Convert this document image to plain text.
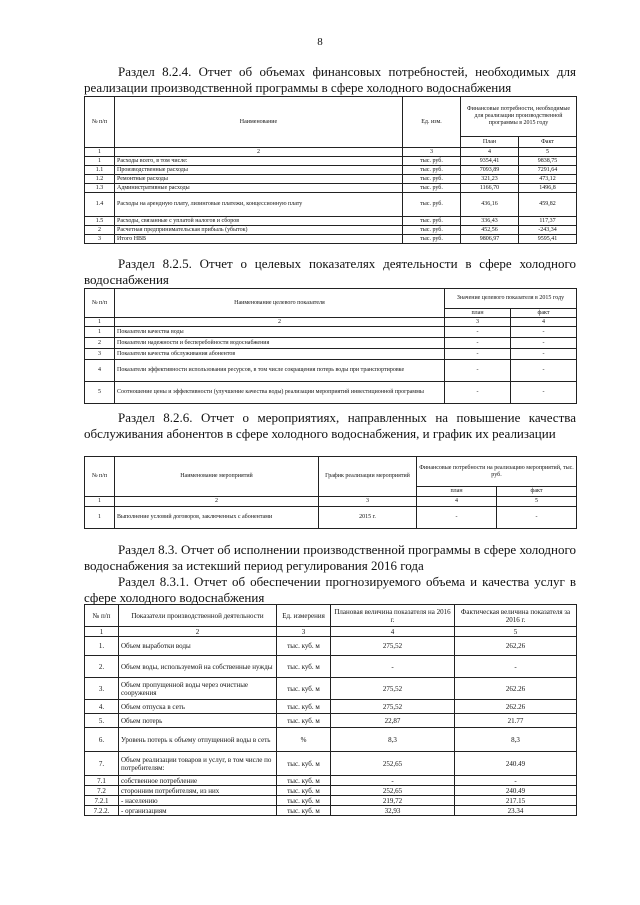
8
Раздел 8.2.4. Отчет об объемах финансовых потребностей, необходимых для реализации производственной программы в сфере холодного водоснабжения
№ п/п	Наименование	Ед. изм.	Финансовые потребности, необходимые для реализации производственной программы в 2015 году	
			План	Факт
1	2	3	4	5
1	Расходы всего, в том числе:	тыс. руб.	9354,41	9838,75
1.1	Производственные расходы	тыс. руб.	7093,89	7291,64
1.2	Ремонтные расходы	тыс. руб.	321,23	473,12
1.3	Административные расходы	тыс. руб.	1166,70	1496,8
1.4	Расходы на арендную плату, лизинговые платежи, концессионную плату	тыс. руб.	436,16	459,82
1.5	Расходы, связанные с уплатой налогов и сборов	тыс. руб.	336,43	117,37
2	Расчетная предпринимательская прибыль (убыток)	тыс. руб.	452,56	-243,34
3	Итого НВВ	тыс. руб.	9806,97	9595,41
Раздел 8.2.5. Отчет о целевых показателях деятельности в сфере холодного водоснабжения
№ п/п	Наименование целевого показателя	Значение целевого показателя в 2015 году	
		план	факт
1	2	3	4
1	Показатели качества воды	-	-
2	Показатели надежности и бесперебойности водоснабжения	-	-
3	Показатели качества обслуживания абонентов	-	-
4	Показатели эффективности использования ресурсов, в том числе сокращения потерь воды при транспортировке	-	-
5	Соотношение цены и эффективности (улучшение качества воды) реализации мероприятий инвестиционной программы	-	-
Раздел 8.2.6. Отчет о мероприятиях, направленных на повышение качества обслуживания абонентов в сфере холодного водоснабжения, и график их реализации
№ п/п	Наименование мероприятий	График реализации мероприятий	Финансовые потребности на реализацию мероприятий, тыс. руб.	
			план	факт
1	2	3	4	5
1	Выполнение условий договоров, заключенных с абонентами	2015 г.	-	-
Раздел 8.3. Отчет об исполнении производственной программы в сфере холодного водоснабжения за истекший период регулирования 2016 года
Раздел 8.3.1. Отчет об обеспечении прогнозируемого объема и качества услуг в сфере холодного водоснабжения
№ п/п	Показатели производственной деятельности	Ед. измерения	Плановая величина показателя на 2016 г.	Фактическая величина показателя за 2016 г.
1	2	3	4	5
1.	Объем выработки воды	тыс. куб. м	275,52	262,26
2.	Объем воды, используемой на собственные нужды	тыс. куб. м	-	-
3.	Объем пропущенной воды через очистные сооружения	тыс. куб. м	275,52	262.26
4.	Объем отпуска в сеть	тыс. куб. м	275,52	262.26
5.	Объем потерь	тыс. куб. м	22,87	21.77
6.	Уровень потерь к объему отпущенной воды в сеть	%	8,3	8,3
7.	Объем реализации товаров и услуг, в том числе по потребителям:	тыс. куб. м	252,65	240.49
7.1	собственное потребление	тыс. куб. м	-	-
7.2	сторонним потребителям, из них	тыс. куб. м	252,65	240.49
7.2.1	- населению	тыс. куб. м	219,72	217.15
7.2.2.	- организациям	тыс. куб. м	32,93	23.34
